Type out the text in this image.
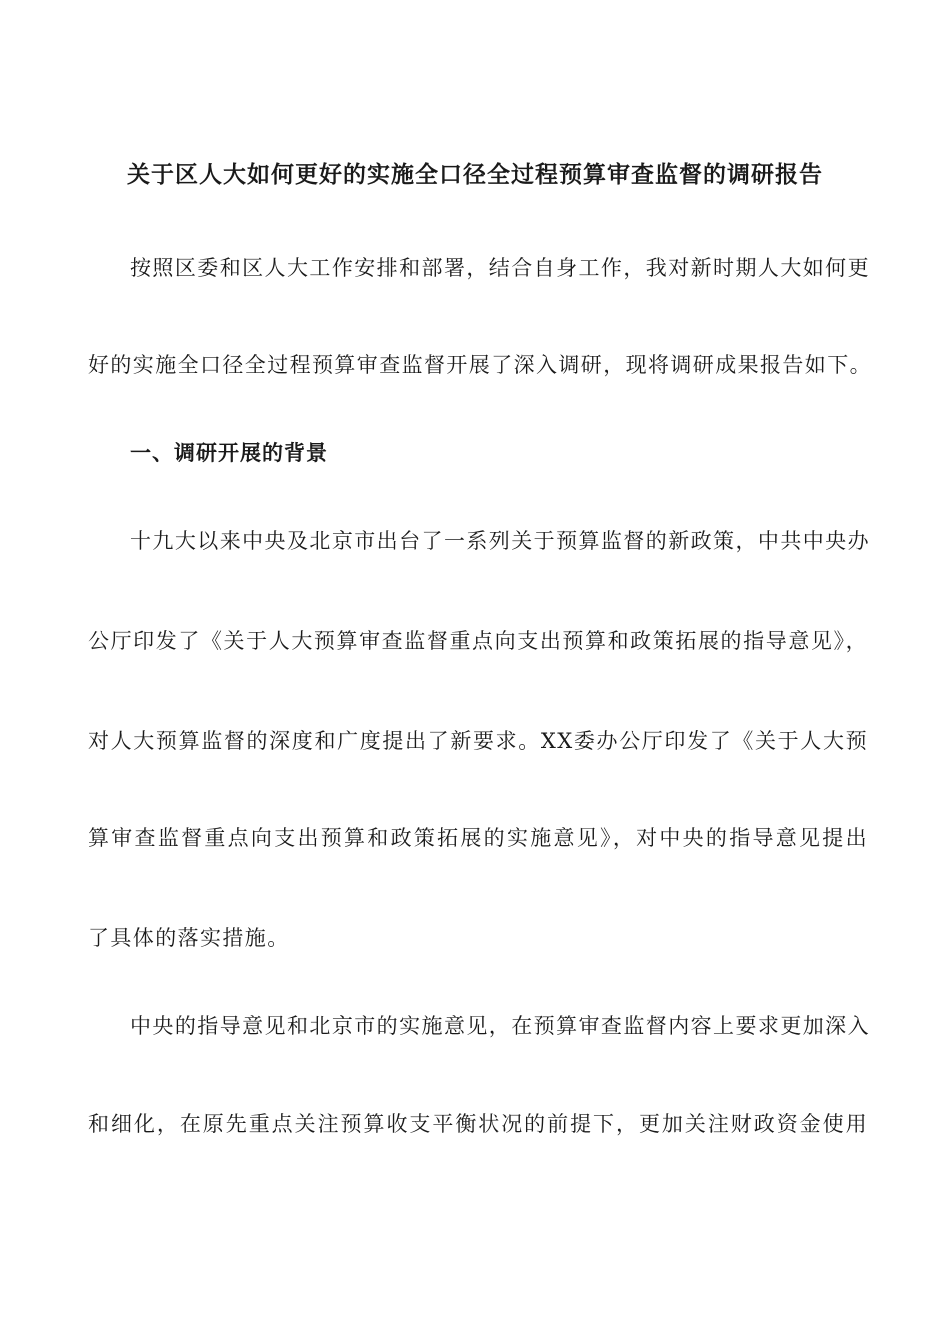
关于区人大如何更好的实施全口径全过程预算审查监督的调研报告
按照区委和区人大工作安排和部署，结合自身工作，我对新时期人大如何更
好的实施全口径全过程预算审查监督开展了深入调研，现将调研成果报告如下。
一、调研开展的背景
十九大以来中央及北京市出台了一系列关于预算监督的新政策，中共中央办
公厅印发了《关于人大预算审查监督重点向支出预算和政策拓展的指导意见》，
对人大预算监督的深度和广度提出了新要求。XX委办公厅印发了《关于人大预
算审查监督重点向支出预算和政策拓展的实施意见》，对中央的指导意见提出
了具体的落实措施。
中央的指导意见和北京市的实施意见，在预算审查监督内容上要求更加深入
和细化，在原先重点关注预算收支平衡状况的前提下，更加关注财政资金使用
